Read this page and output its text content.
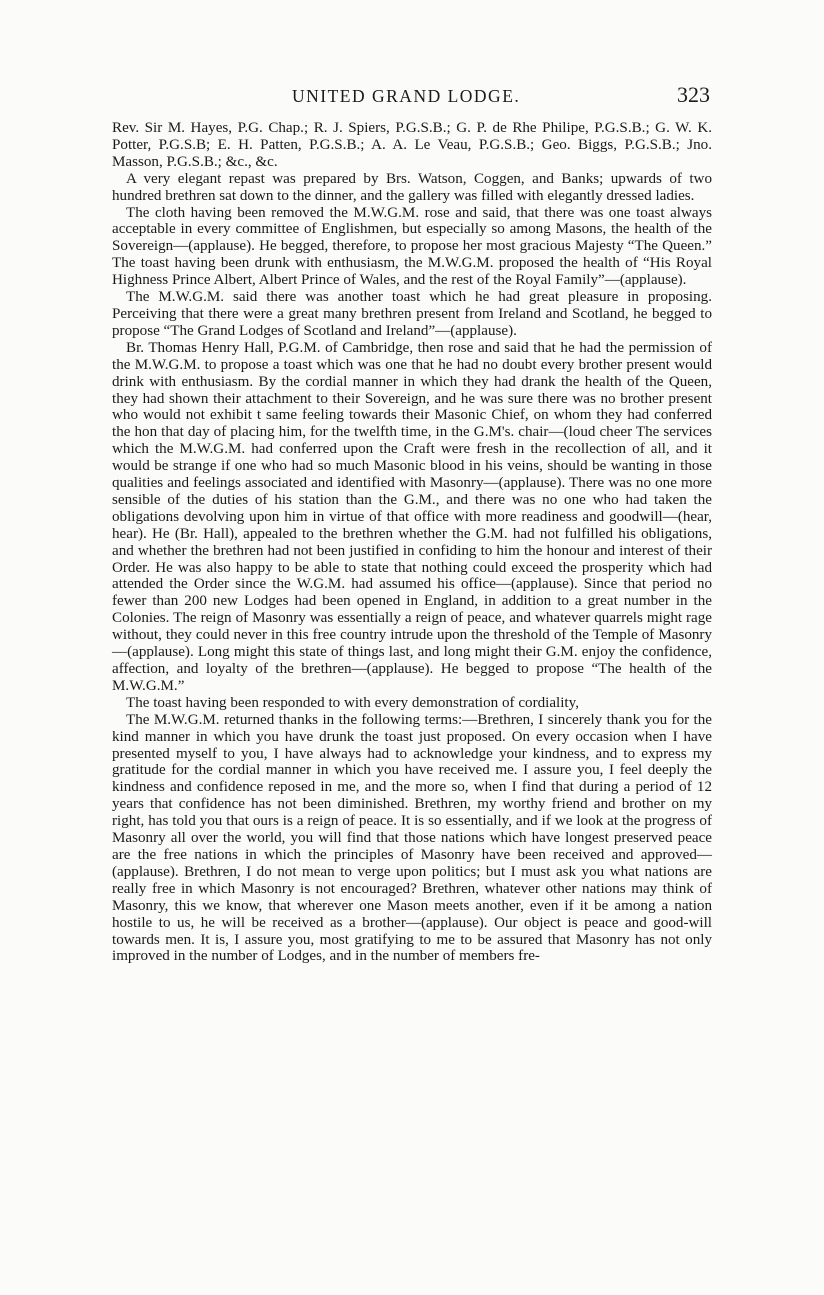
UNITED GRAND LODGE.	323

Rev. Sir M. Hayes, P.G. Chap.; R. J. Spiers, P.G.S.B.; G. P. de Rhe Philipe, P.G.S.B.; G. W. K. Potter, P.G.S.B; E. H. Patten, P.G.S.B.; A. A. Le Veau, P.G.S.B.; Geo. Biggs, P.G.S.B.; Jno. Masson, P.G.S.B.; &c., &c.

A very elegant repast was prepared by Brs. Watson, Coggen, and Banks; upwards of two hundred brethren sat down to the dinner, and the gallery was filled with elegantly dressed ladies.

The cloth having been removed the M.W.G.M. rose and said, that there was one toast always acceptable in every committee of Englishmen, but especially so among Masons, the health of the Sovereign—(applause). He begged, therefore, to propose her most gracious Majesty “The Queen.” The toast having been drunk with enthusiasm, the M.W.G.M. proposed the health of “His Royal Highness Prince Albert, Albert Prince of Wales, and the rest of the Royal Family”—(applause).

The M.W.G.M. said there was another toast which he had great pleasure in proposing. Perceiving that there were a great many brethren present from Ireland and Scotland, he begged to propose “The Grand Lodges of Scotland and Ireland”—(applause).

Br. Thomas Henry Hall, P.G.M. of Cambridge, then rose and said that he had the permission of the M.W.G.M. to propose a toast which was one that he had no doubt every brother present would drink with enthusiasm. By the cordial manner in which they had drank the health of the Queen, they had shown their attachment to their Sovereign, and he was sure there was no brother present who would not exhibit t same feeling towards their Masonic Chief, on whom they had conferred the hon that day of placing him, for the twelfth time, in the G.M's. chair—(loud cheer The services which the M.W.G.M. had conferred upon the Craft were fresh in the recollection of all, and it would be strange if one who had so much Masonic blood in his veins, should be wanting in those qualities and feelings associated and identified with Masonry—(applause). There was no one more sensible of the duties of his station than the G.M., and there was no one who had taken the obligations devolving upon him in virtue of that office with more readiness and goodwill—(hear, hear). He (Br. Hall), appealed to the brethren whether the G.M. had not fulfilled his obligations, and whether the brethren had not been justified in confiding to him the honour and interest of their Order. He was also happy to be able to state that nothing could exceed the prosperity which had attended the Order since the W.G.M. had assumed his office—(applause). Since that period no fewer than 200 new Lodges had been opened in England, in addition to a great number in the Colonies. The reign of Masonry was essentially a reign of peace, and whatever quarrels might rage without, they could never in this free country intrude upon the threshold of the Temple of Masonry —(applause). Long might this state of things last, and long might their G.M. enjoy the confidence, affection, and loyalty of the brethren—(applause). He begged to propose “The health of the M.W.G.M.”

The toast having been responded to with every demonstration of cordiality,

The M.W.G.M. returned thanks in the following terms:—Brethren, I sincerely thank you for the kind manner in which you have drunk the toast just proposed. On every occasion when I have presented myself to you, I have always had to acknowledge your kindness, and to express my gratitude for the cordial manner in which you have received me. I assure you, I feel deeply the kindness and confidence reposed in me, and the more so, when I find that during a period of 12 years that confidence has not been diminished. Brethren, my worthy friend and brother on my right, has told you that ours is a reign of peace. It is so essentially, and if we look at the progress of Masonry all over the world, you will find that those nations which have longest preserved peace are the free nations in which the principles of Masonry have been received and approved—(applause). Brethren, I do not mean to verge upon politics; but I must ask you what nations are really free in which Masonry is not encouraged? Brethren, whatever other nations may think of Masonry, this we know, that wherever one Mason meets another, even if it be among a nation hostile to us, he will be received as a brother—(applause). Our object is peace and good-will towards men. It is, I assure you, most gratifying to me to be assured that Masonry has not only improved in the number of Lodges, and in the number of members fre-
